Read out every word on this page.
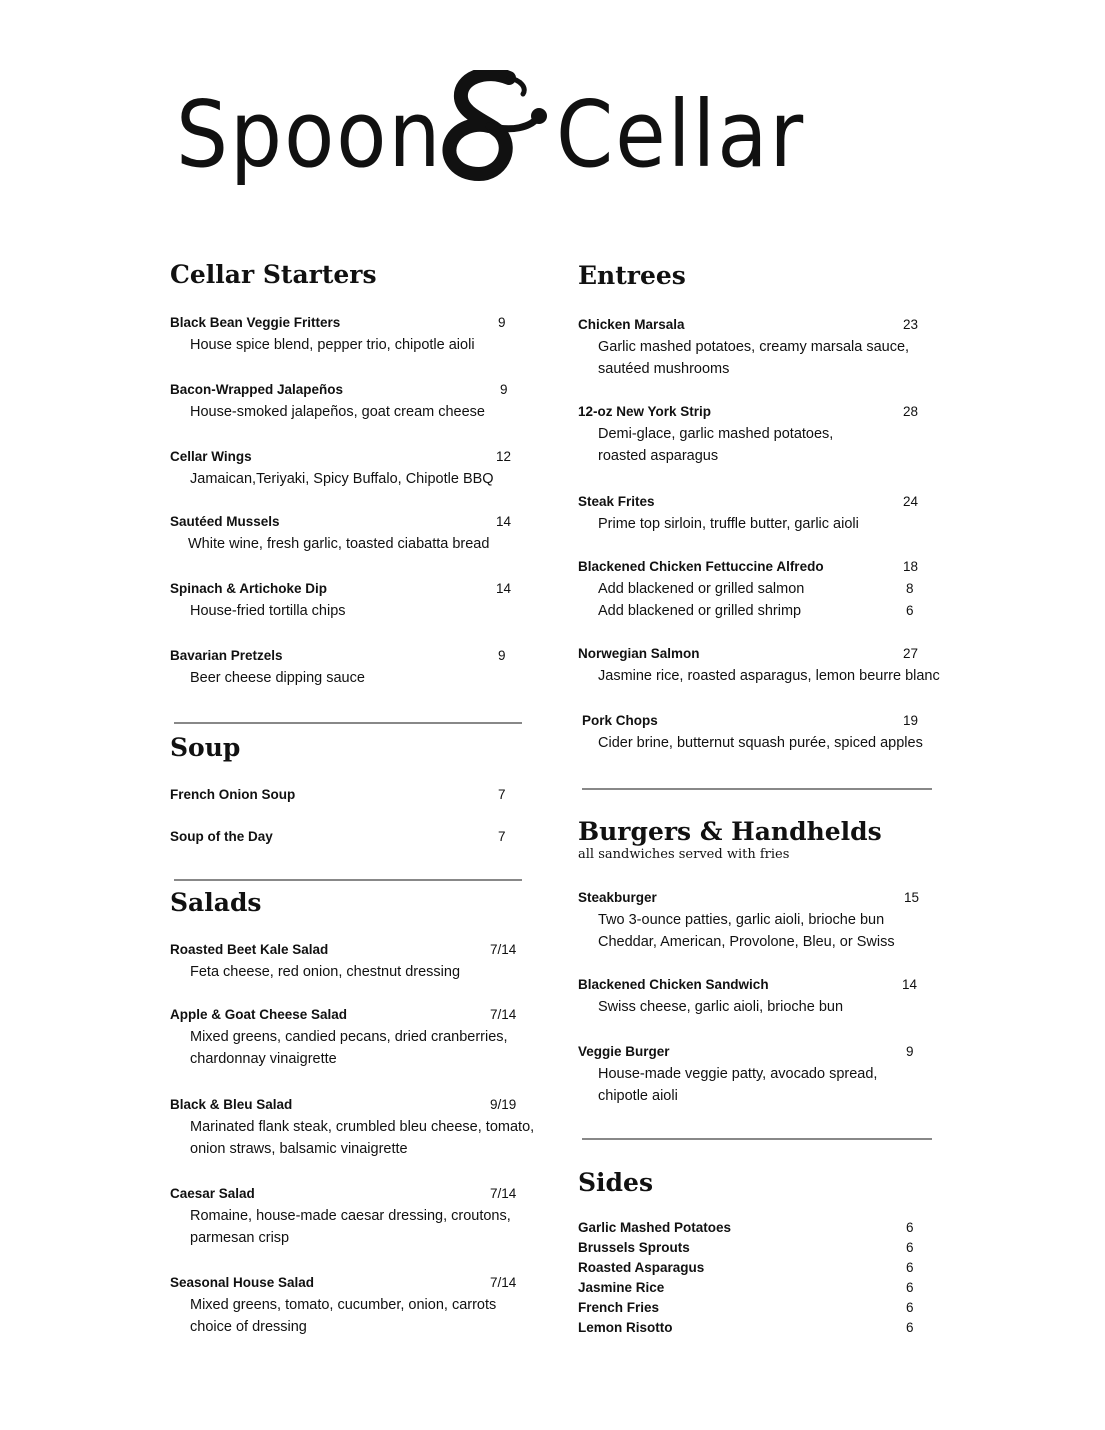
Spoon Cellar
Cellar Starters
Black Bean Veggie Fritters	9
House spice blend, pepper trio, chipotle aioli
Bacon-Wrapped Jalapeños	9
House-smoked jalapeños, goat cream cheese
Cellar Wings	12
Jamaican,Teriyaki, Spicy Buffalo, Chipotle BBQ
Sautéed Mussels	14
White wine, fresh garlic, toasted ciabatta bread
Spinach & Artichoke Dip	14
House-fried tortilla chips
Bavarian Pretzels	9
Beer cheese dipping sauce
Soup
French Onion Soup	7
Soup of the Day	7
Salads
Roasted Beet Kale Salad	7/14
Feta cheese, red onion, chestnut dressing
Apple & Goat Cheese Salad	7/14
Mixed greens, candied pecans, dried cranberries,
chardonnay vinaigrette
Black & Bleu Salad	9/19
Marinated flank steak, crumbled bleu cheese, tomato,
onion straws, balsamic vinaigrette
Caesar Salad	7/14
Romaine, house-made caesar dressing, croutons,
parmesan crisp
Seasonal House Salad	7/14
Mixed greens, tomato, cucumber, onion, carrots
choice of dressing
Entrees
Chicken Marsala	23
Garlic mashed potatoes, creamy marsala sauce,
sautéed mushrooms
12-oz New York Strip	28
Demi-glace, garlic mashed potatoes,
roasted asparagus
Steak Frites	24
Prime top sirloin, truffle butter, garlic aioli
Blackened Chicken Fettuccine Alfredo	18
Add blackened or grilled salmon	8
Add blackened or grilled shrimp	6
Norwegian Salmon	27
Jasmine rice, roasted asparagus, lemon beurre blanc
Pork Chops	19
Cider brine, butternut squash purée, spiced apples
Burgers & Handhelds

all sandwiches served with fries

Steakburger	15
Two 3-ounce patties, garlic aioli, brioche bun
Cheddar, American, Provolone, Bleu, or Swiss
Blackened Chicken Sandwich	14
Swiss cheese, garlic aioli, brioche bun
Veggie Burger	9
House-made veggie patty, avocado spread,
chipotle aioli
Sides
Garlic Mashed Potatoes	6
Brussels Sprouts	6
Roasted Asparagus	6
Jasmine Rice	6
French Fries	6
Lemon Risotto	6
